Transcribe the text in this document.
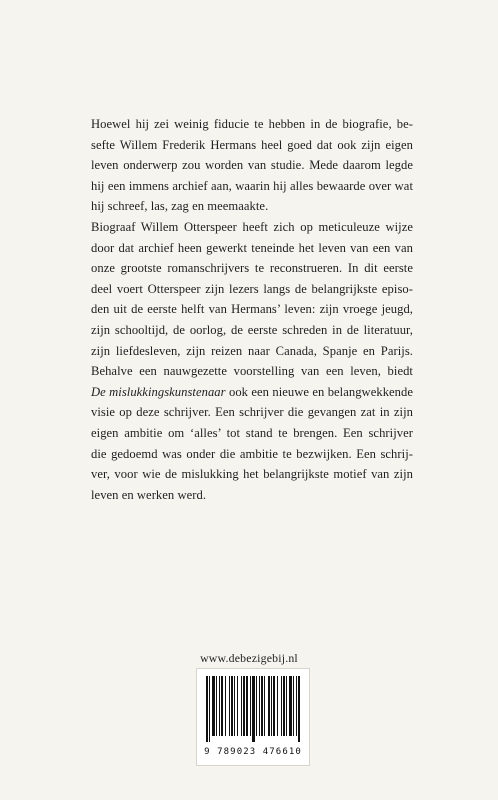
Hoewel hij zei weinig fiducie te hebben in de biografie, be-
sefte Willem Frederik Hermans heel goed dat ook zijn eigen
leven onderwerp zou worden van studie. Mede daarom legde
hij een immens archief aan, waarin hij alles bewaarde over wat
hij schreef, las, zag en meemaakte.
Biograaf Willem Otterspeer heeft zich op meticuleuze wijze
door dat archief heen gewerkt teneinde het leven van een van
onze grootste romanschrijvers te reconstrueren. In dit eerste
deel voert Otterspeer zijn lezers langs de belangrijkste episo-
den uit de eerste helft van Hermans’ leven: zijn vroege jeugd,
zijn schooltijd, de oorlog, de eerste schreden in de literatuur,
zijn liefdesleven, zijn reizen naar Canada, Spanje en Parijs.
Behalve een nauwgezette voorstelling van een leven, biedt
De mislukkingskunstenaar ook een nieuwe en belangwekkende
visie op deze schrijver. Een schrijver die gevangen zat in zijn
eigen ambitie om ‘alles’ tot stand te brengen. Een schrijver
die gedoemd was onder die ambitie te bezwijken. Een schrij-
ver, voor wie de mislukking het belangrijkste motief van zijn
leven en werken werd.
www.debezigebij.nl
9 789023 476610
